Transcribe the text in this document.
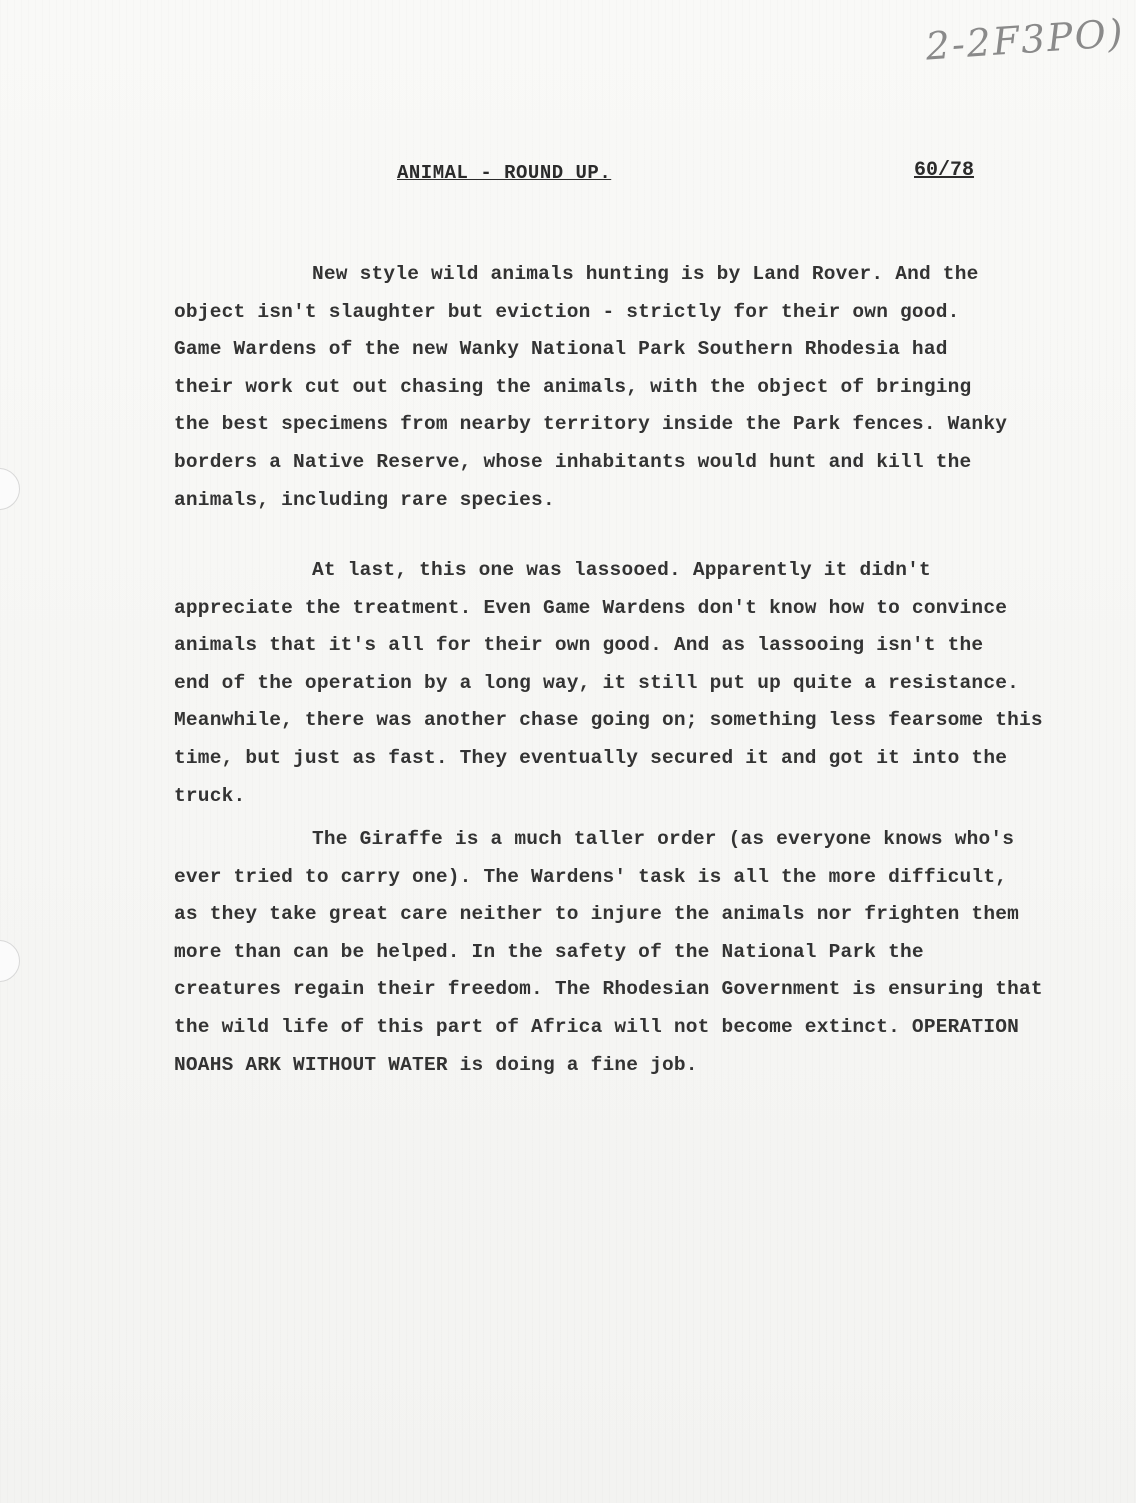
2-2F3PO)
ANIMAL - ROUND UP.	60/78
New style wild animals hunting is by Land Rover. And the
object isn't slaughter but eviction - strictly for their own good.
Game Wardens of the new Wanky National Park Southern Rhodesia had
their work cut out chasing the animals, with the object of bringing
the best specimens from nearby territory inside the Park fences. Wanky
borders a Native Reserve, whose inhabitants would hunt and kill the
animals, including rare species.
At last, this one was lassooed. Apparently it didn't
appreciate the treatment. Even Game Wardens don't know how to convince
animals that it's all for their own good. And as lassooing isn't the
end of the operation by a long way, it still put up quite a resistance.
Meanwhile, there was another chase going on; something less fearsome this
time, but just as fast. They eventually secured it and got it into the
truck.
The Giraffe is a much taller order (as everyone knows who's
ever tried to carry one). The Wardens' task is all the more difficult,
as they take great care neither to injure the animals nor frighten them
more than can be helped. In the safety of the National Park the
creatures regain their freedom. The Rhodesian Government is ensuring that
the wild life of this part of Africa will not become extinct. OPERATION
NOAHS ARK WITHOUT WATER is doing a fine job.
